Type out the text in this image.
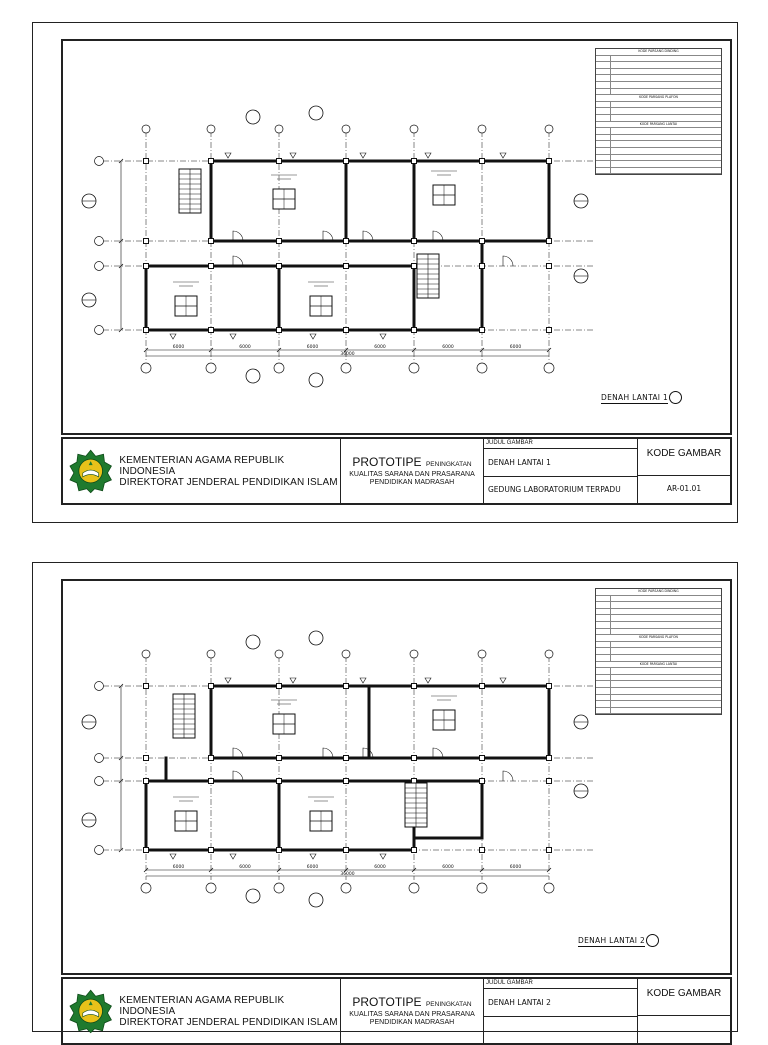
6000	6000	6000	6000	6000	6000
36000
KODE PARSANG DINDING
KODE PARSANG PLAFON
KODE PARSANG LANTAI
DENAH LANTAI 1
KEMENTERIAN AGAMA REPUBLIK INDONESIA
DIREKTORAT JENDERAL PENDIDIKAN ISLAM
PROTOTIPE PENINGKATAN
KUALITAS SARANA DAN PRASARANA
PENDIDIKAN MADRASAH
JUDUL GAMBAR
DENAH LANTAI 1
GEDUNG LABORATORIUM TERPADU
KODE GAMBAR
AR-01.01
6000	6000	6000	6000	6000	6000
36000
KODE PARSANG DINDING
KODE PARSANG PLAFON
KODE PARSANG LANTAI
DENAH LANTAI 2
KEMENTERIAN AGAMA REPUBLIK INDONESIA
DIREKTORAT JENDERAL PENDIDIKAN ISLAM
PROTOTIPE PENINGKATAN
KUALITAS SARANA DAN PRASARANA
PENDIDIKAN MADRASAH
JUDUL GAMBAR
DENAH LANTAI 2
KODE GAMBAR
